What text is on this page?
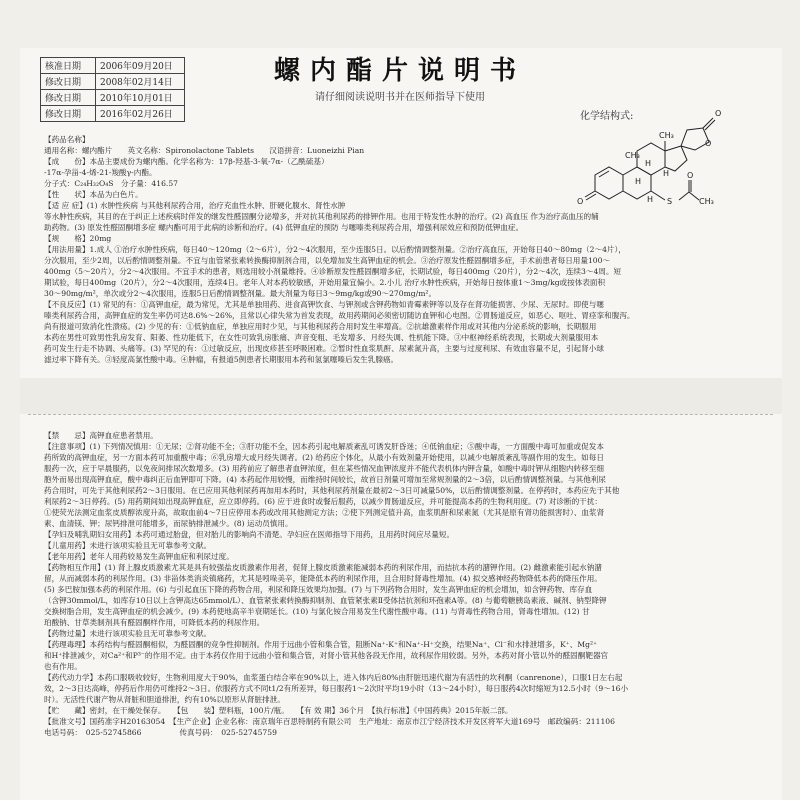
核准日期	2006年09月20日
修改日期	2008年02月14日
修改日期	2010年10月01日
修改日期	2016年02月26日
螺内酯片说明书
请仔细阅读说明书并在医师指导下使用
化学结构式:	O
O
O
O
S	CH₃
CH₃
CH₃
H
H
H
H

【药品名称】

通用名称：螺内酯片　　英文名称：Spironolactone Tablets　　汉语拼音：Luoneizhi Pian

【成　　份】本品主要成份为螺内酯。化学名称为：17β-羟基-3-氧-7α-（乙酰硫基）

-17α-孕甾-4-烯-21-羧酸γ-内酯。

分子式：C₂₄H₃₂O₄S　分子量：416.57

【性　　状】本品为白色片。

【适 应 症】(1) 水肿性疾病 与其他利尿药合用，治疗充血性水肿、肝硬化腹水、肾性水肿

等水肿性疾病，其目的在于纠正上述疾病时伴发的继发性醛固酮分泌增多，并对抗其他利尿药的排钾作用。也用于特发性水肿的治疗。(2) 高血压 作为治疗高血压的辅

助药物。(3) 原发性醛固酮增多症 螺内酯可用于此病的诊断和治疗。(4) 低钾血症的预防 与噻嗪类利尿药合用，增强利尿效应和预防低钾血症。

【规　　格】20mg

【用法用量】1.成人 ①治疗水肿性疾病，每日40～120mg（2～6片），分2～4次服用，至少连服5日。以后酌情调整剂量。②治疗高血压，开始每日40～80mg（2～4片），

分次服用，至少2周，以后酌情调整剂量。不宜与血管紧张素转换酶抑制剂合用，以免增加发生高钾血症的机会。③治疗原发性醛固酮增多症，手术前患者每日用量100～

400mg（5～20片），分2～4次服用。不宜手术的患者，则选用较小剂量维持。④诊断原发性醛固酮增多症，长期试验，每日400mg（20片），分2～4次，连续3～4周。短

期试验，每日400mg（20片），分2～4次服用，连续4日。老年人对本药较敏感，开始用量宜偏小。2.小儿 治疗水肿性疾病，开始每日按体重1～3mg/kg或按体表面积

30～90mg/m²，单次或分2～4次服用，连服5日后酌情调整剂量。最大剂量为每日3～9mg/kg或90～270mg/m²。

【不良反应】(1) 常见的有：①高钾血症，最为常见，尤其是单独用药、进食高钾饮食、与钾剂或含钾药物如青霉素钾等以及存在肾功能损害、少尿、无尿时。即使与噻

嗪类利尿药合用，高钾血症的发生率仍可达8.6%～26%，且常以心律失常为首发表现，故用药期间必须密切随访血钾和心电图。②胃肠道反应，如恶心、呕吐、胃痉挛和腹泻。

尚有报道可致消化性溃疡。(2) 少见的有：①低钠血症，单独应用时少见，与其他利尿药合用时发生率增高。②抗雄激素样作用或对其他内分泌系统的影响，长期服用

本药在男性可致男性乳房发育、阳萎、性功能低下，在女性可致乳房胀痛、声音变粗、毛发增多、月经失调、性机能下降。③中枢神经系统表现，长期或大剂量服用本

药可发生行走不协调、头痛等。(3) 罕见的有：①过敏反应，出现皮疹甚至呼吸困难。②暂时性血浆肌酐、尿素氮升高，主要与过度利尿、有效血容量不足，引起肾小球

滤过率下降有关。③轻度高氯性酸中毒。④肿瘤，有报道5例患者长期服用本药和氢氯噻嗪后发生乳腺癌。

【禁　　忌】高钾血症患者禁用。

【注意事项】(1) 下列情况慎用：①无尿；②肾功能不全；③肝功能不全，因本药引起电解质紊乱可诱发肝昏迷；④低钠血症；⑤酸中毒，一方面酸中毒可加重或促发本

药所致的高钾血症，另一方面本药可加重酸中毒；⑥乳房增大或月经失调者。(2) 给药应个体化，从最小有效剂量开始使用，以减少电解质紊乱等副作用的发生。如每日

服药一次，应于早晨服药，以免夜间排尿次数增多。(3) 用药前应了解患者血钾浓度，但在某些情况血钾浓度并不能代表机体内钾含量，如酸中毒时钾从细胞内转移至细

胞外而易出现高钾血症，酸中毒纠正后血钾即可下降。(4) 本药起作用较慢，而维持时间较长，故首日剂量可增加至常规剂量的2～3倍，以后酌情调整剂量。与其他利尿

药合用时，可先于其他利尿药2～3日服用。在已应用其他利尿药再加用本药时，其他利尿药剂量在最初2～3日可减量50%，以后酌情调整剂量。在停药时，本药应先于其他

利尿药2～3日停药。(5) 用药期间如出现高钾血症，应立即停药。(6) 应于进食时或餐后服药，以减少胃肠道反应，并可能提高本药的生物利用度。(7) 对诊断的干扰：

①使荧光法测定血浆皮质醇浓度升高，故取血前4～7日应停用本药或改用其他测定方法；②使下列测定值升高，血浆肌酐和尿素氮（尤其是原有肾功能损害时）、血浆肾

素、血清镁、钾；尿钙排泄可能增多，而尿钠排泄减少。(8) 运动员慎用。

【孕妇及哺乳期妇女用药】本药可通过胎盘，但对胎儿的影响尚不清楚。孕妇应在医师指导下用药，且用药时间应尽量短。

【儿童用药】未进行该项实验且无可靠参考文献。

【老年用药】老年人用药较易发生高钾血症和利尿过度。

【药物相互作用】(1) 肾上腺皮质激素尤其是具有较强盐皮质激素作用者，促肾上腺皮质激素能减弱本药的利尿作用，而拮抗本药的潴钾作用。(2) 雌激素能引起水钠潴

留，从而减弱本药的利尿作用。(3) 非甾体类消炎镇痛药，尤其是吲哚美辛，能降低本药的利尿作用，且合用时肾毒性增加。(4) 拟交感神经药物降低本药的降压作用。

(5) 多巴胺加强本药的利尿作用。(6) 与引起血压下降的药物合用，利尿和降压效果均加强。(7) 与下列药物合用时，发生高钾血症的机会增加，如含钾药物、库存血

（含钾30mmol/L，如库存10日以上含钾高达65mmol/L）、血管紧张素转换酶抑制剂、血管紧张素Ⅱ受体拮抗剂和环孢素A等。(8) 与葡萄糖胰岛素液、碱剂、钠型降钾

交换树脂合用，发生高钾血症的机会减少。(9) 本药使地高辛半衰期延长。(10) 与氯化铵合用易发生代谢性酸中毒。(11) 与肾毒性药物合用，肾毒性增加。(12) 甘

珀酸钠、甘草类制剂具有醛固酮样作用，可降低本药的利尿作用。

【药物过量】未进行该项实验且无可靠参考文献。

【药理毒理】本药结构与醛固酮相似，为醛固酮的竞争性抑制剂。作用于远曲小管和集合管，阻断Na⁺-K⁺和Na⁺-H⁺交换，结果Na⁺、Cl⁻和水排泄增多，K⁺、Mg²⁺

和H⁺排泄减少，对Ca²⁺和P³⁻的作用不定。由于本药仅作用于远曲小管和集合管，对肾小管其他各段无作用，故利尿作用较弱。另外，本药对肾小管以外的醛固酮靶器官

也有作用。

【药代动力学】本药口服吸收较好，生物利用度大于90%，血浆蛋白结合率在90%以上，进入体内后80%由肝脏迅速代谢为有活性的坎利酮（canrenone），口服1日左右起

效，2～3日达高峰，停药后作用仍可维持2～3日。依服药方式不同t1/2有所差异，每日服药1～2次时平均19小时（13～24小时），每日服药4次时缩短为12.5小时（9～16小

时）。无活性代谢产物从肾脏和胆道排泄，约有10%以原形从肾脏排泄。

【贮　　藏】密封，在干燥处保存。　　【包　　装】塑料瓶，100片/瓶。　　【有 效 期】36个月　【执行标准】《中国药典》2015年版二部。

【批准文号】国药准字H20163054　【生产企业】企业名称：南京瑞年百思特制药有限公司　生产地址：南京市江宁经济技术开发区将军大道169号　邮政编码：211106

电话号码：　025-52745866　　　　　传真号码：　025-52745759
